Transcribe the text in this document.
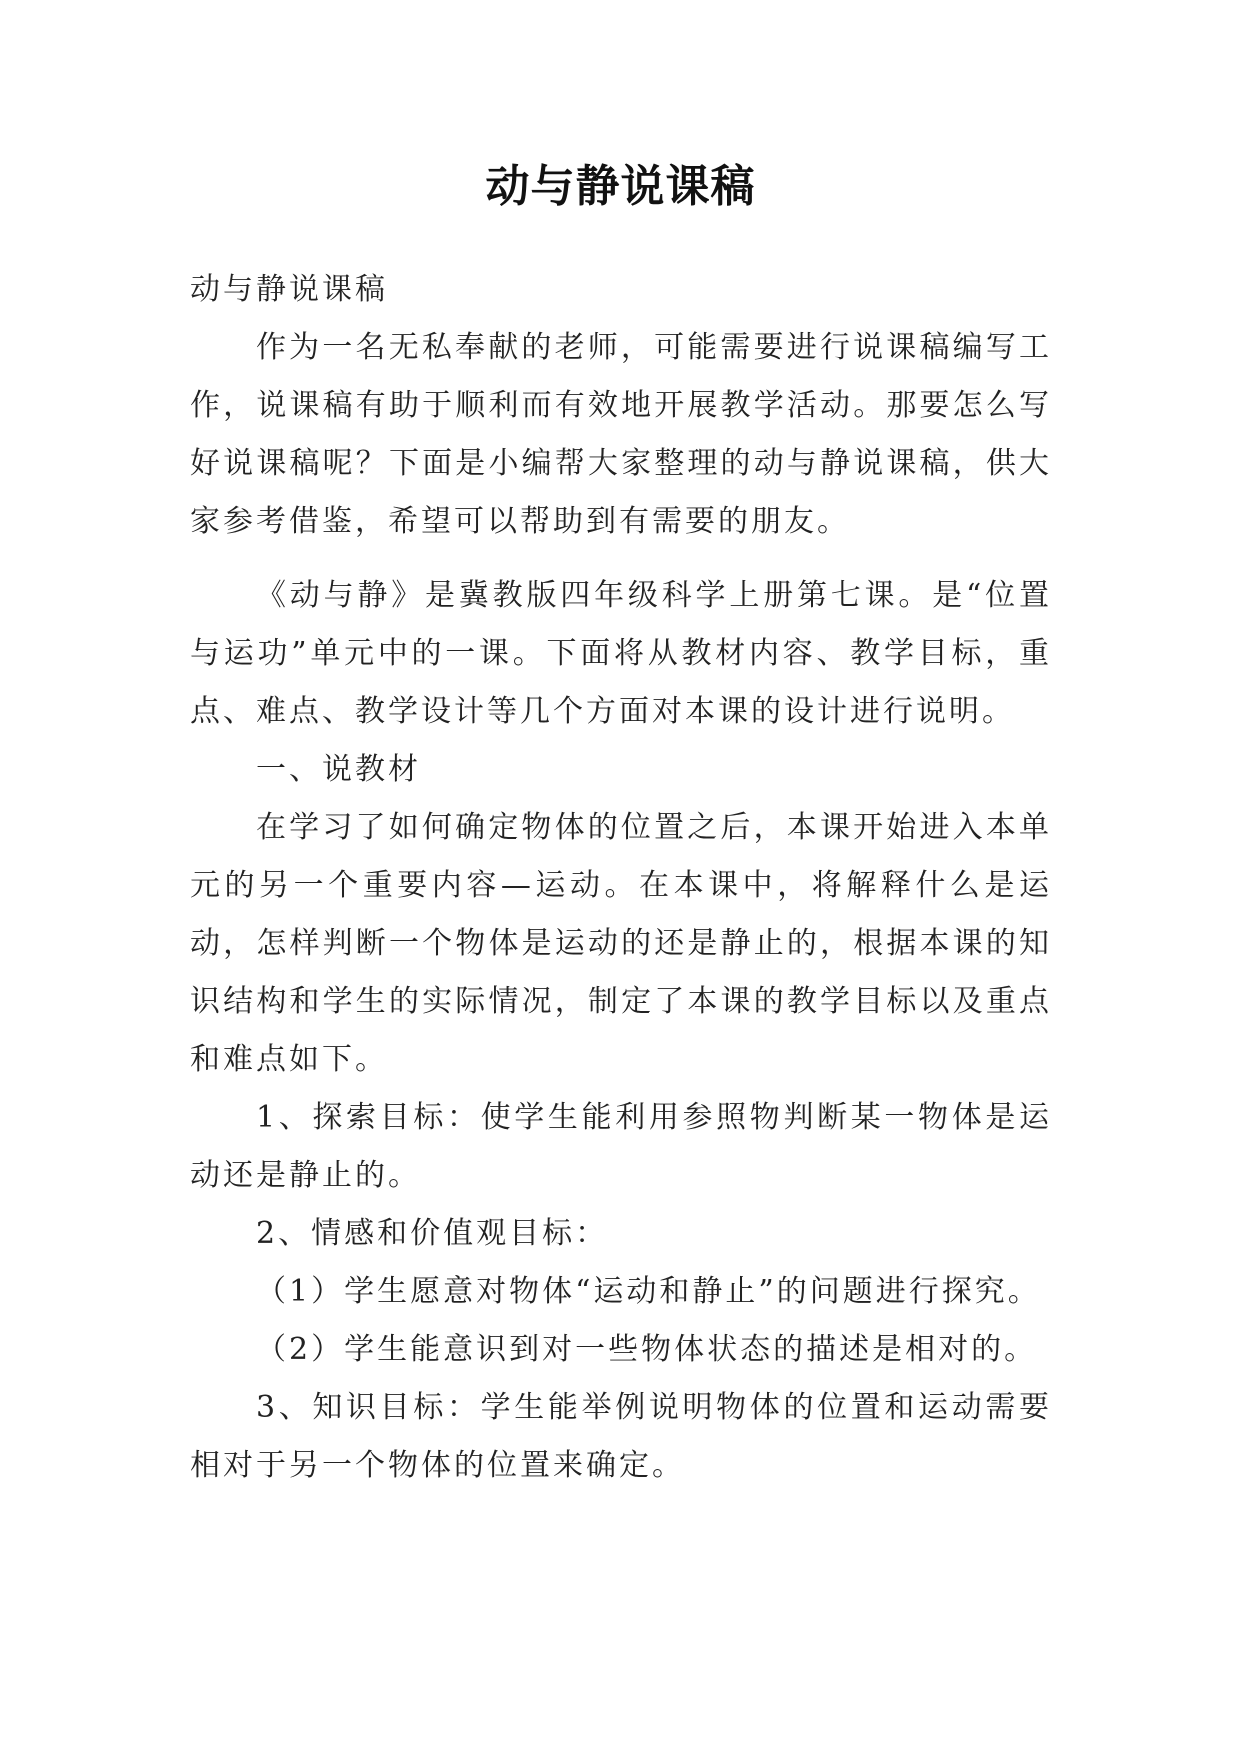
动与静说课稿

动与静说课稿

作为一名无私奉献的老师，可能需要进行说课稿编写工作，说课稿有助于顺利而有效地开展教学活动。那要怎么写好说课稿呢？下面是小编帮大家整理的动与静说课稿，供大家参考借鉴，希望可以帮助到有需要的朋友。

《动与静》是冀教版四年级科学上册第七课。是“位置与运功”单元中的一课。下面将从教材内容、教学目标，重点、难点、教学设计等几个方面对本课的设计进行说明。

一、说教材

在学习了如何确定物体的位置之后，本课开始进入本单元的另一个重要内容—运动。在本课中，将解释什么是运动，怎样判断一个物体是运动的还是静止的，根据本课的知识结构和学生的实际情况，制定了本课的教学目标以及重点和难点如下。

1、探索目标：使学生能利用参照物判断某一物体是运动还是静止的。

2、情感和价值观目标：

（1）学生愿意对物体“运动和静止”的问题进行探究。

（2）学生能意识到对一些物体状态的描述是相对的。

3、知识目标：学生能举例说明物体的位置和运动需要相对于另一个物体的位置来确定。
